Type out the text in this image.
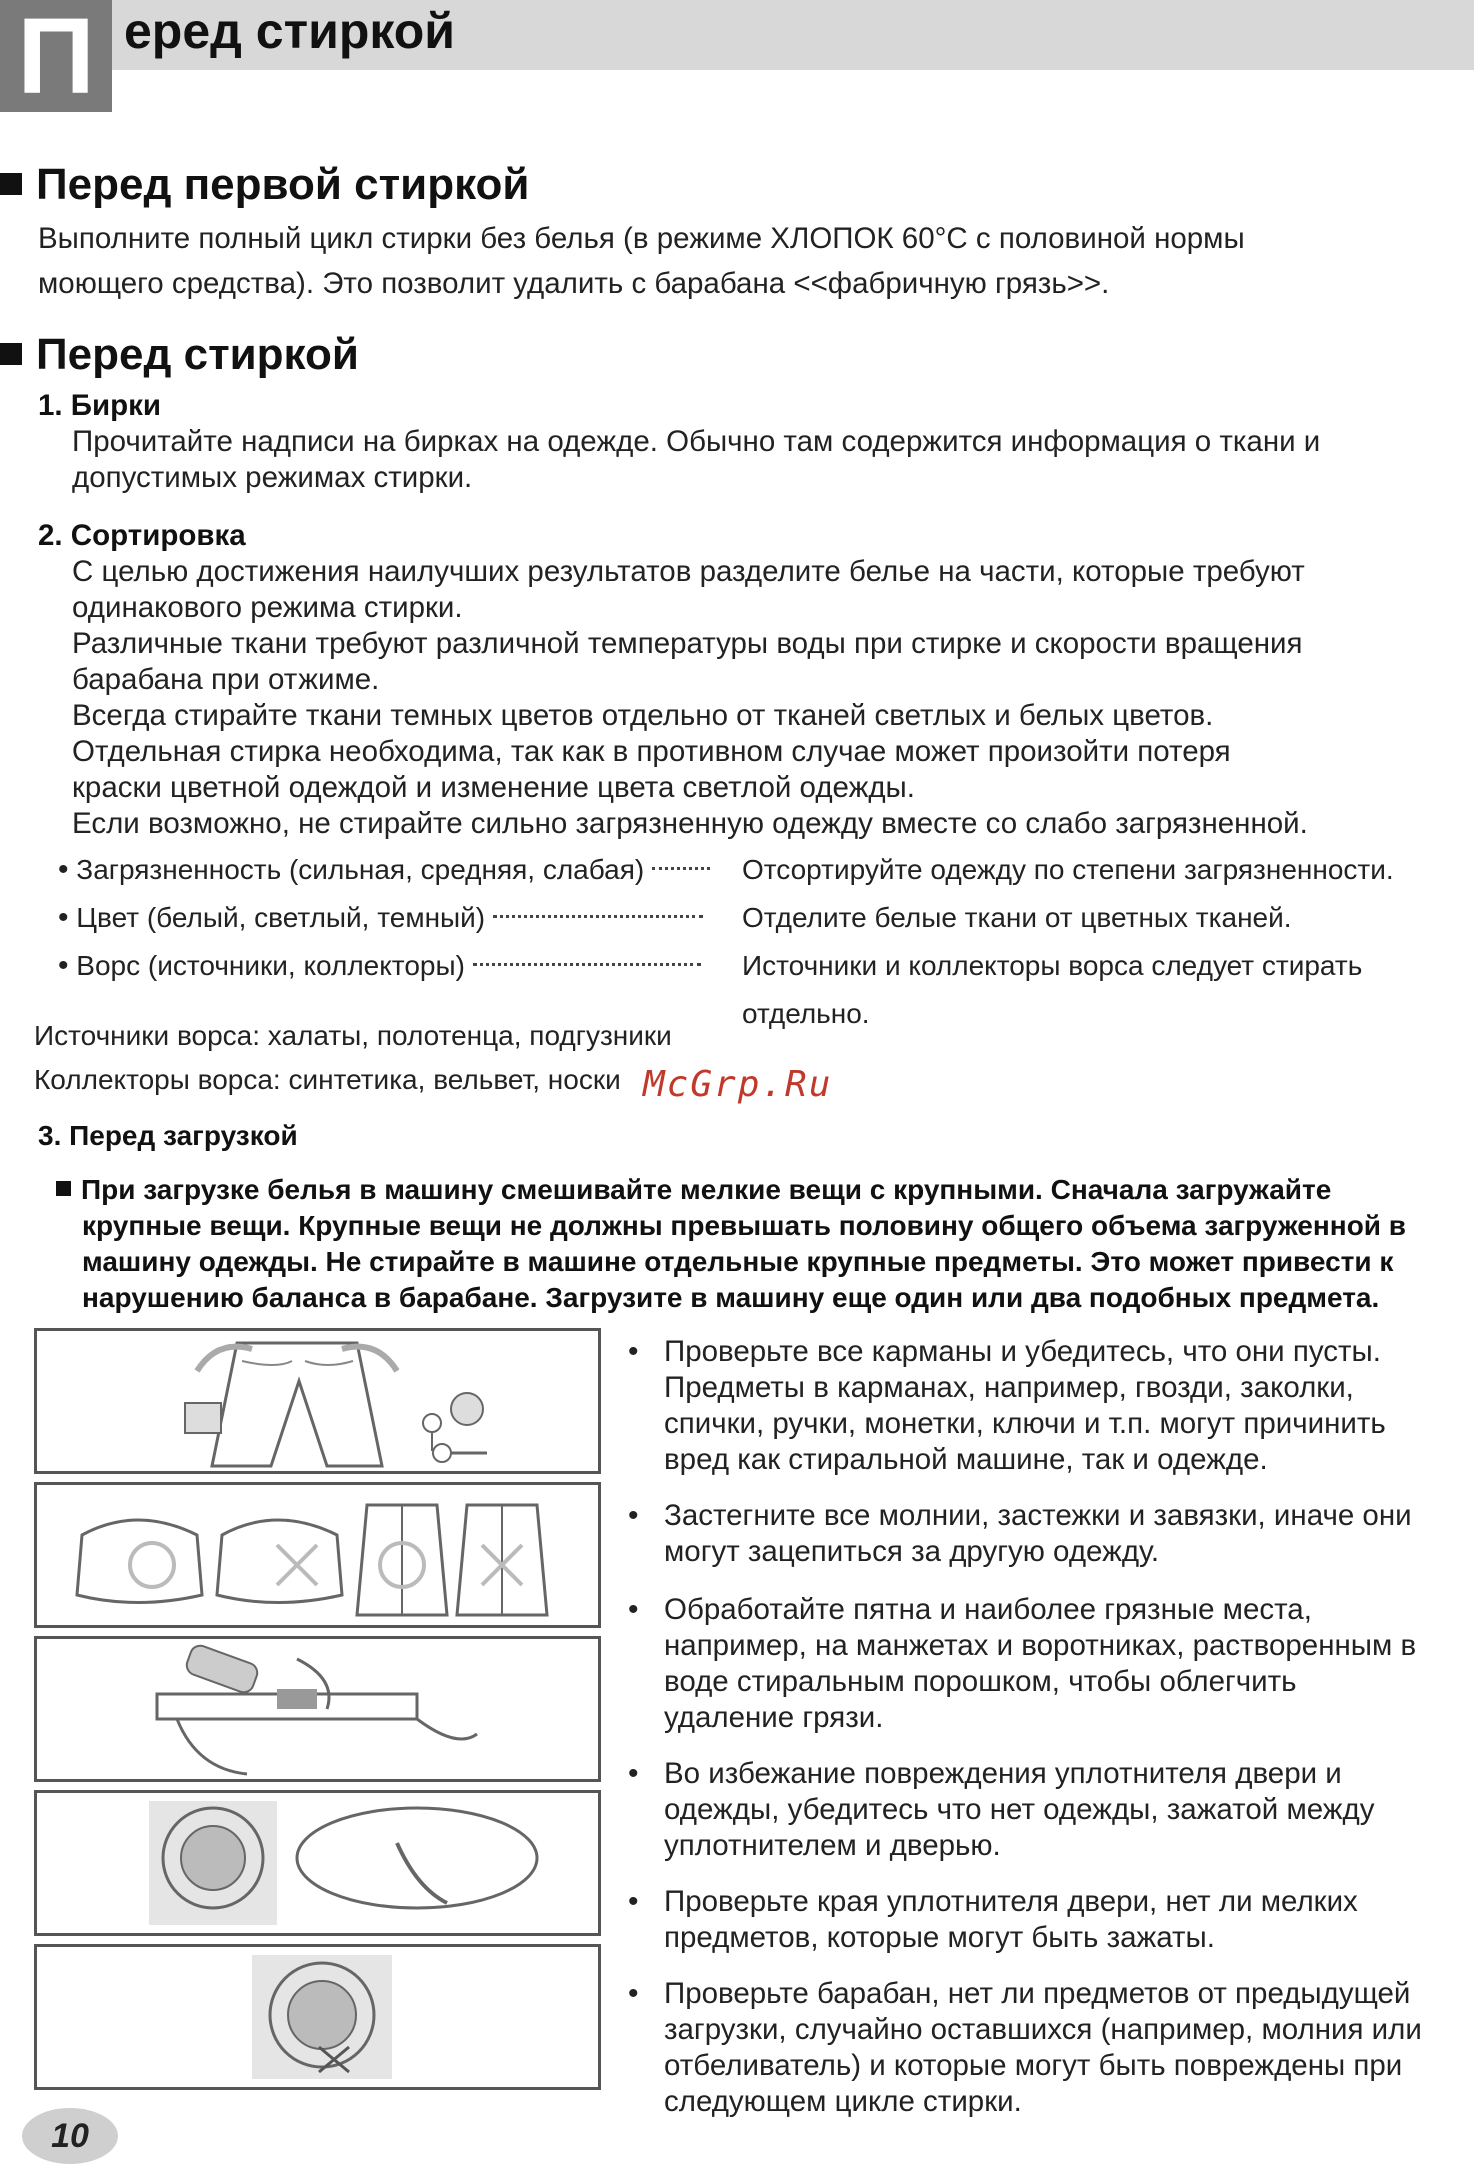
П еред стиркой
Перед первой стиркой
Выполните полный цикл стирки без белья (в режиме ХЛОПОК 60°С с половиной нормы
моющего средства). Это позволит удалить с барабана <<фабричную грязь>>.
Перед стиркой
1. Бирки
Прочитайте надписи на бирках на одежде. Обычно там содержится информация о ткани и
допустимых режимах стирки.
2. Сортировка
С целью достижения наилучших результатов разделите белье на части, которые требуют
одинакового режима стирки.
Различные ткани требуют различной температуры воды при стирке и скорости вращения
барабана при отжиме.
Всегда стирайте ткани темных цветов отдельно от тканей светлых и белых цветов.
Отдельная стирка необходима, так как в противном случае может произойти потеря
краски цветной одеждой и изменение цвета светлой одежды.
Если возможно, не стирайте сильно загрязненную одежду вместе со слабо загрязненной.
• Загрязненность (сильная, средняя, слабая)	Отсортируйте одежду по степени загрязненности.
• Цвет (белый, светлый, темный)	Отделите белые ткани от цветных тканей.
• Ворс (источники, коллекторы)	Источники и коллекторы ворса следует стирать
отдельно.
Источники ворса: халаты, полотенца, подгузники
Коллекторы ворса: синтетика, вельвет, носки McGrp.Ru
3. Перед загрузкой
При загрузке белья в машину смешивайте мелкие вещи с крупными. Сначала загружайте
крупные вещи. Крупные вещи не должны превышать половину общего объема загруженной в
машину одежды. Не стирайте в машине отдельные крупные предметы. Это может привести к
нарушению баланса в барабане. Загрузите в машину еще один или два подобных предмета.
• Проверьте все карманы и убедитесь, что они пусты.
Предметы в карманах, например, гвозди, заколки,
спички, ручки, монетки, ключи и т.п. могут причинить
вред как стиральной машине, так и одежде.
• Застегните все молнии, застежки и завязки, иначе они
могут зацепиться за другую одежду.
• Обработайте пятна и наиболее грязные места,
например, на манжетах и воротниках, растворенным в
воде стиральным порошком, чтобы облегчить
удаление грязи.
• Во избежание повреждения уплотнителя двери и
одежды, убедитесь что нет одежды, зажатой между
уплотнителем и дверью.
• Проверьте края уплотнителя двери, нет ли мелких
предметов, которые могут быть зажаты.
• Проверьте барабан, нет ли предметов от предыдущей
загрузки, случайно оставшихся (например, молния или
отбеливатель) и которые могут быть повреждены при
следующем цикле стирки.
10
